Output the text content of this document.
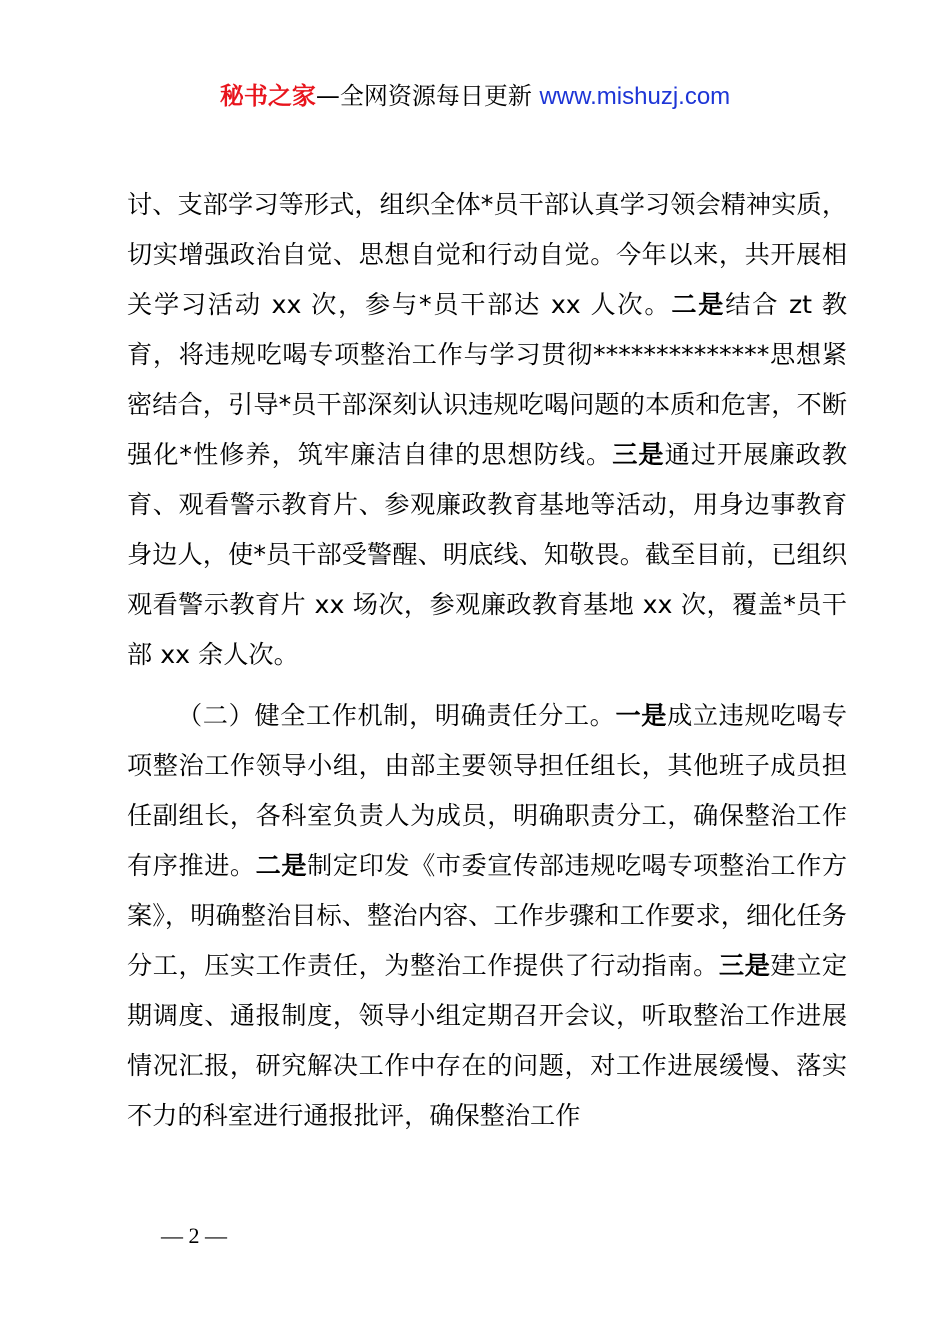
秘书之家—全网资源每日更新 www.mishuzj.com

讨、支部学习等形式，组织全体*员干部认真学习领会精神实质，切实增强政治自觉、思想自觉和行动自觉。今年以来，共开展相关学习活动 xx 次，参与*员干部达 xx 人次。二是结合 zt 教育，将违规吃喝专项整治工作与学习贯彻**************思想紧密结合，引导*员干部深刻认识违规吃喝问题的本质和危害，不断强化*性修养，筑牢廉洁自律的思想防线。三是通过开展廉政教育、观看警示教育片、参观廉政教育基地等活动，用身边事教育身边人，使*员干部受警醒、明底线、知敬畏。截至目前，已组织观看警示教育片 xx 场次，参观廉政教育基地 xx 次，覆盖*员干部 xx 余人次。

（二）健全工作机制，明确责任分工。一是成立违规吃喝专项整治工作领导小组，由部主要领导担任组长，其他班子成员担任副组长，各科室负责人为成员，明确职责分工，确保整治工作有序推进。二是制定印发《市委宣传部违规吃喝专项整治工作方案》，明确整治目标、整治内容、工作步骤和工作要求，细化任务分工，压实工作责任，为整治工作提供了行动指南。三是建立定期调度、通报制度，领导小组定期召开会议，听取整治工作进展情况汇报，研究解决工作中存在的问题，对工作进展缓慢、落实不力的科室进行通报批评，确保整治工作

— 2 —
